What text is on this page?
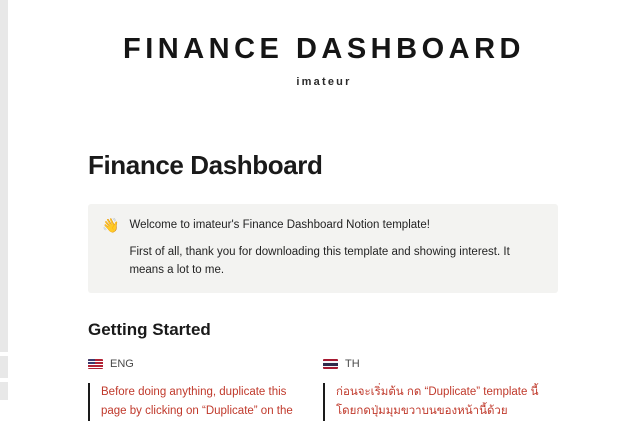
FINANCE DASHBOARD
imateur
Finance Dashboard
👋 Welcome to imateur's Finance Dashboard Notion template!

First of all, thank you for downloading this template and showing interest. It means a lot to me.

Getting Started
ENG
Before doing anything, duplicate this page by clicking on “Duplicate” on the
TH
ก่อนจะเริ่มต้น กด “Duplicate” template นี้ โดยกดปุ่มมุมขวาบนของหน้านี้ด้วย
